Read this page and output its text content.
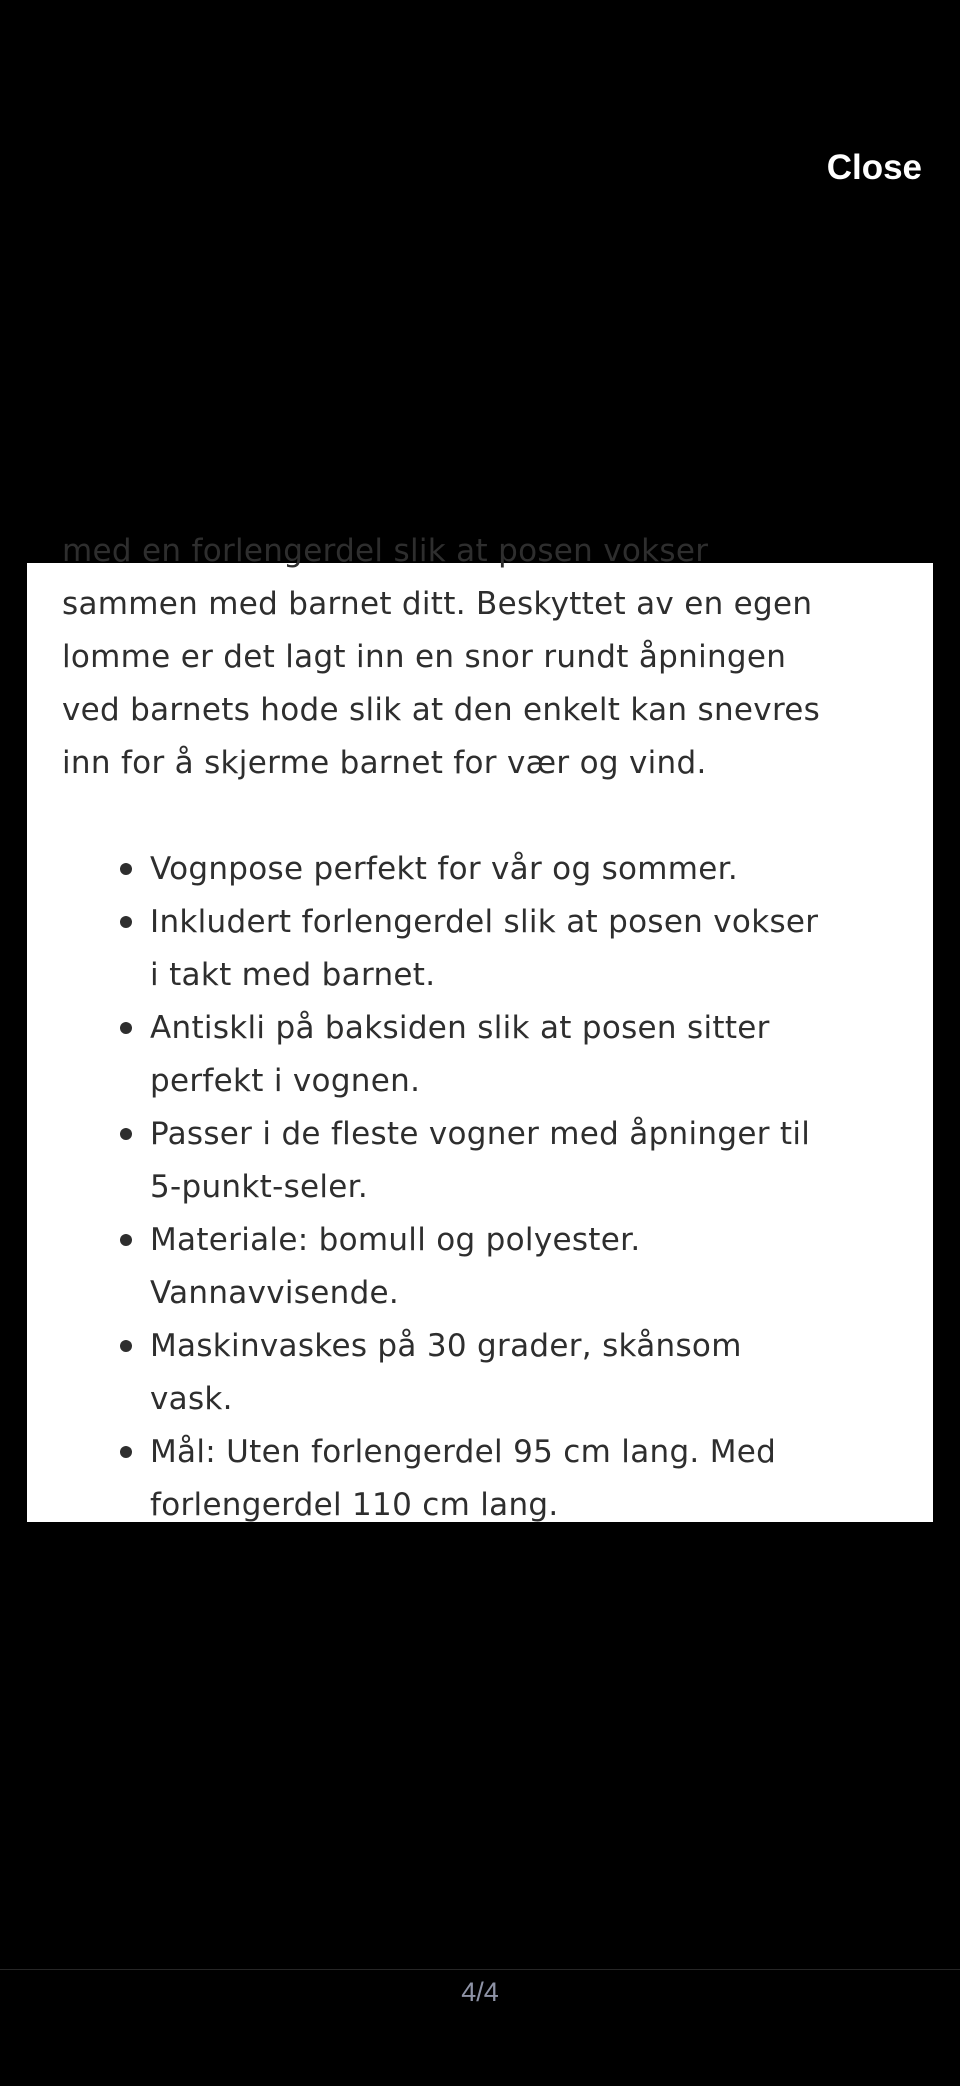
Close
med en forlengerdel slik at posen vokser
sammen med barnet ditt. Beskyttet av en egen
lomme er det lagt inn en snor rundt åpningen
ved barnets hode slik at den enkelt kan snevres
inn for å skjerme barnet for vær og vind.
Vognpose perfekt for vår og sommer.
Inkludert forlengerdel slik at posen vokser
i takt med barnet.
Antiskli på baksiden slik at posen sitter
perfekt i vognen.
Passer i de fleste vogner med åpninger til
5-punkt-seler.
Materiale: bomull og polyester.
Vannavvisende.
Maskinvaskes på 30 grader, skånsom
vask.
Mål: Uten forlengerdel 95 cm lang. Med
forlengerdel 110 cm lang.
4/4
